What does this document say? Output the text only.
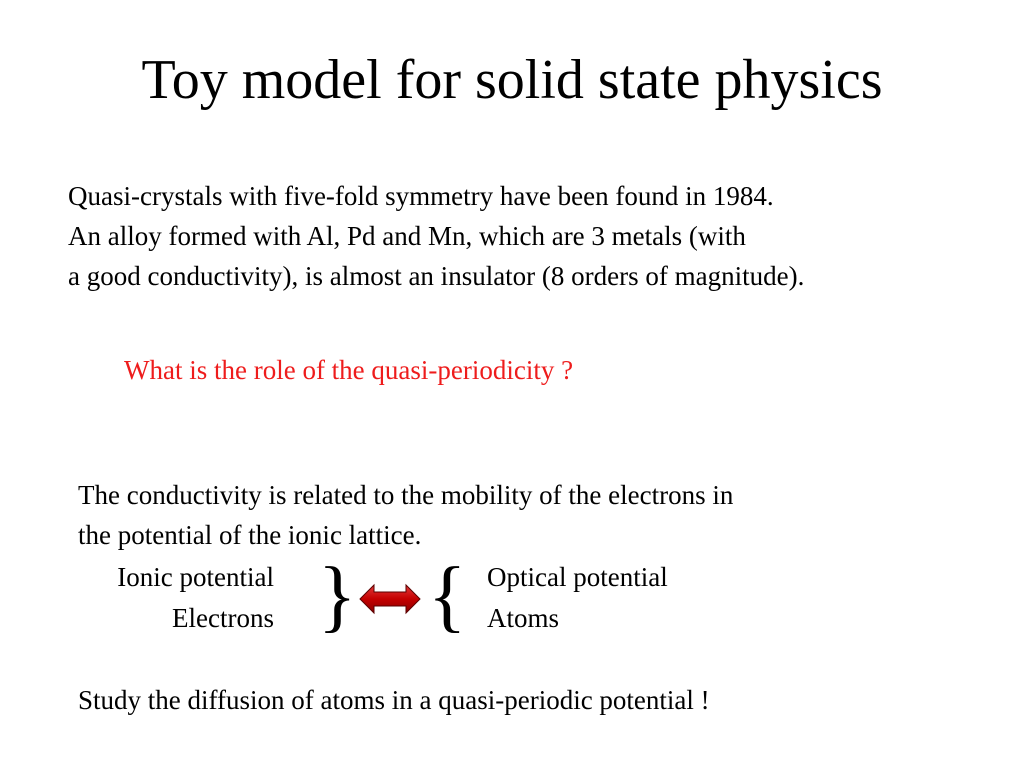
Toy model for solid state physics
Quasi-crystals with five-fold symmetry have been found in 1984.
An alloy formed with Al, Pd and Mn, which are 3 metals (with
a good conductivity), is almost an insulator (8 orders of magnitude).
What is the role of the quasi-periodicity ?
The conductivity is related to the mobility of the electrons in
the potential of the ionic lattice.
Ionic potential
Electrons } { Optical potential
Atoms
Study the diffusion of atoms in a quasi-periodic potential !
